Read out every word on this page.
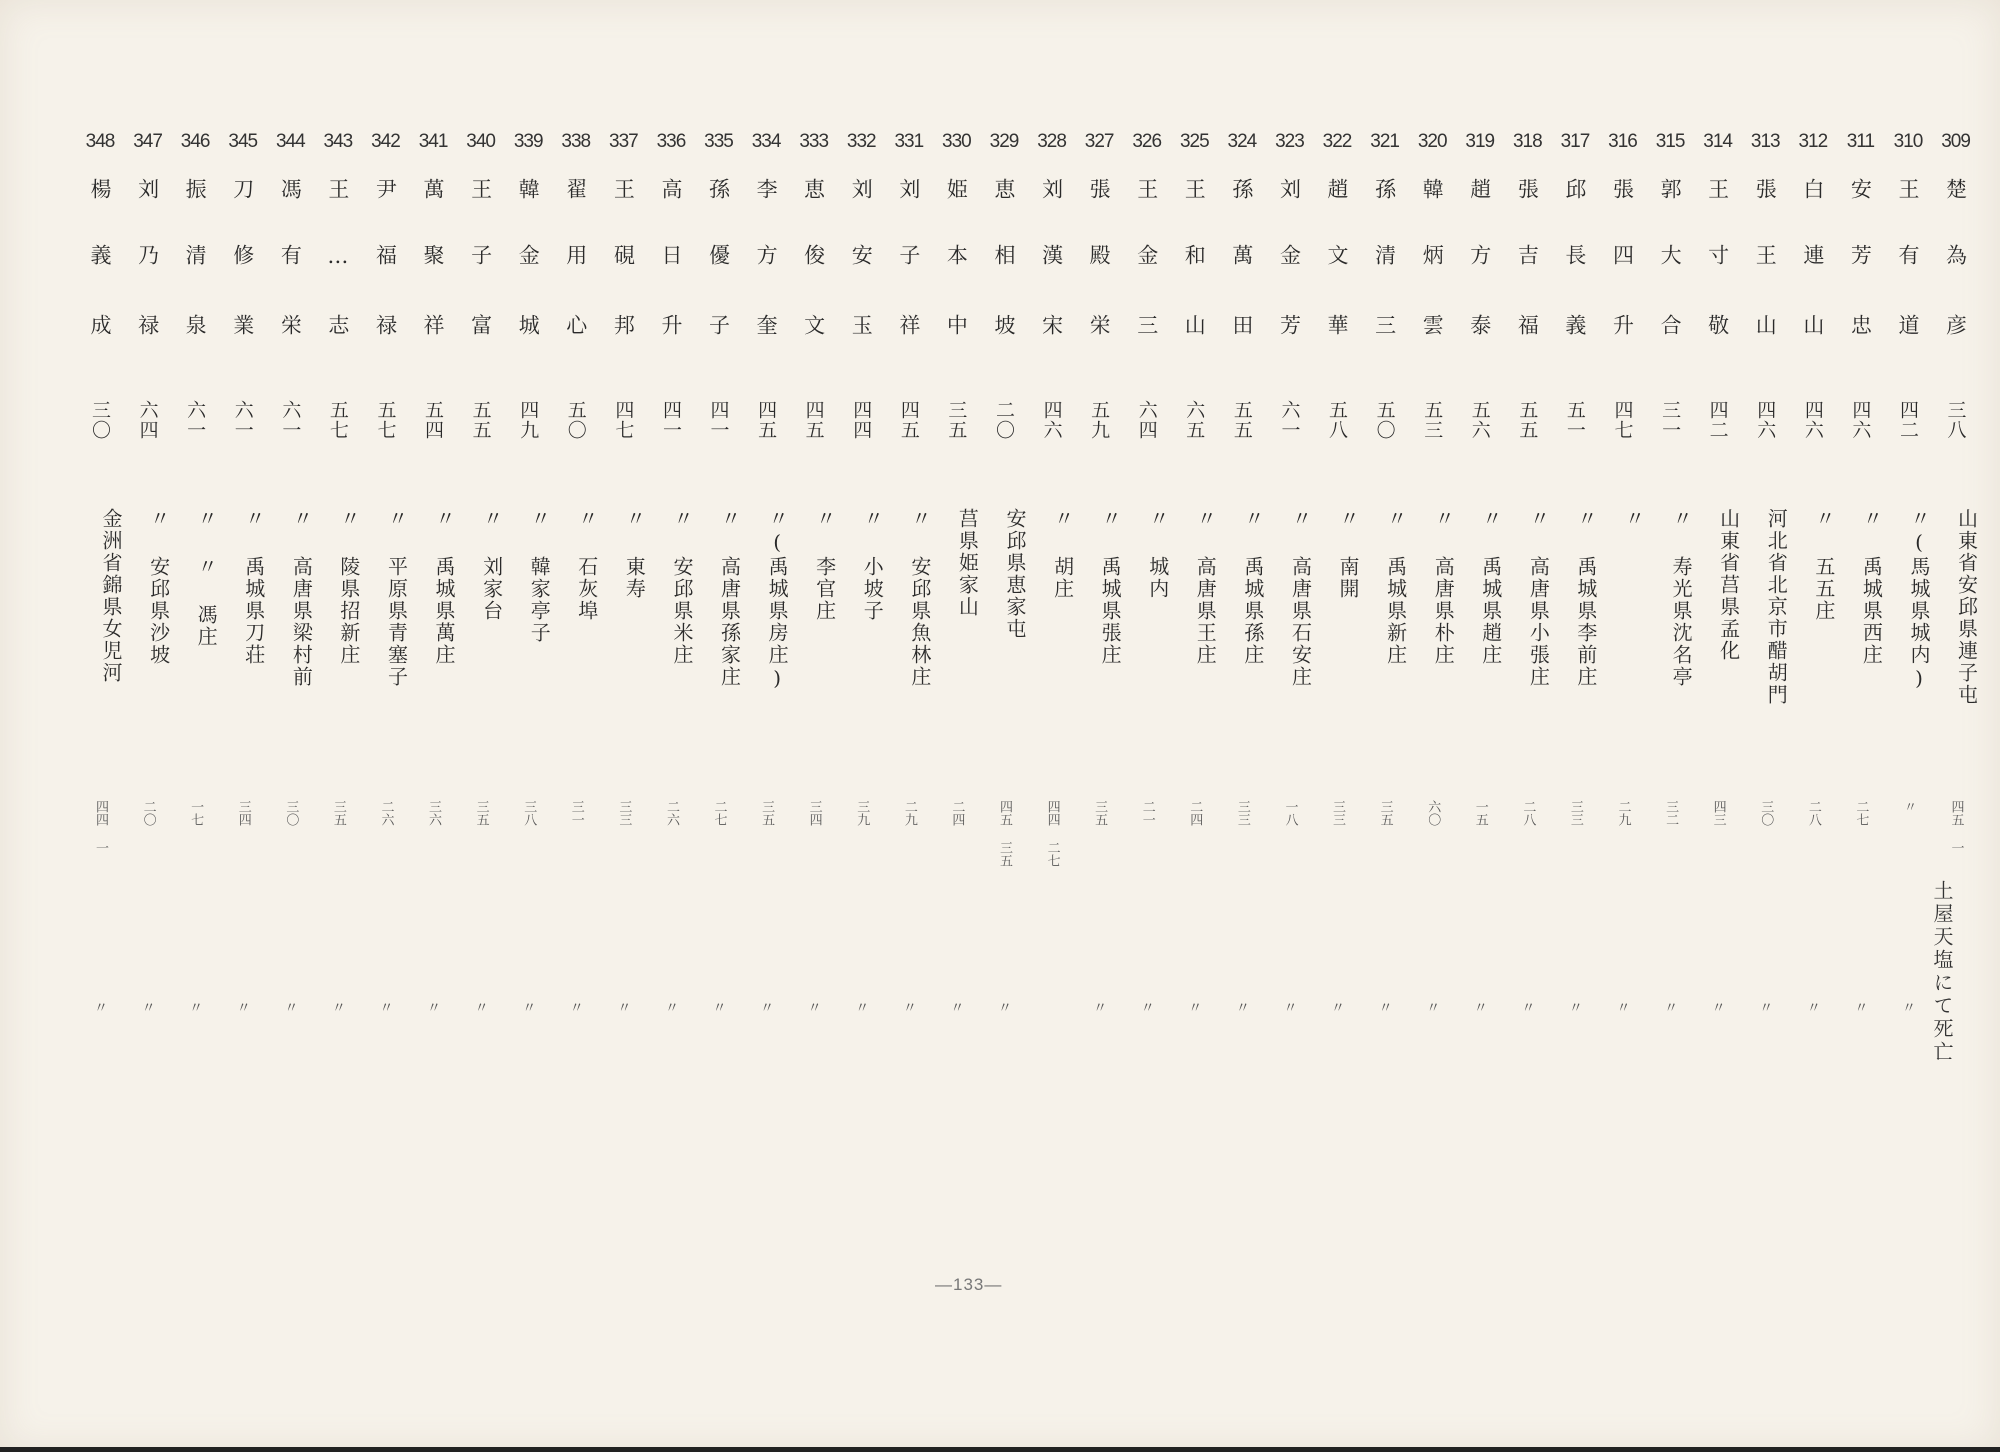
309
楚
為
彦
三八
山東省安邱県連子屯
四五 一
310
王
有
道
四二
〃(馬城県城内)
〃
〃
311
安
芳
忠
四六
〃 禹城県西庄
二七
〃
312
白
連
山
四六
〃 五五庄
二八
〃
313
張
王
山
四六
河北省北京市醋胡門
三〇
〃
314
王
寸
敬
四二
山東省莒県孟化
四三
〃
315
郭
大
合
三一
〃 寿光県沈名亭
三二
〃
316
張
四
升
四七
〃
二九
〃
317
邱
長
義
五一
〃 禹城県李前庄
三三
〃
318
張
吉
福
五五
〃 高唐県小張庄
二八
〃
319
趙
方
泰
五六
〃 禹城県趙庄
一五
〃
320
韓
炳
雲
五三
〃 高唐県朴庄
六〇
〃
321
孫
清
三
五〇
〃 禹城県新庄
三五
〃
322
趙
文
華
五八
〃 南開
三三
〃
323
刘
金
芳
六一
〃 高唐県石安庄
一八
〃
324
孫
萬
田
五五
〃 禹城県孫庄
三三
〃
325
王
和
山
六五
〃 高唐県王庄
二四
〃
326
王
金
三
六四
〃 城内
二一
〃
327
張
殿
栄
五九
〃 禹城県張庄
三五
〃
328
刘
漢
宋
四六
〃 胡庄
四四 二七
329
恵
相
坡
二〇
安邱県恵家屯
四五 三五
〃
330
姫
本
中
三五
莒県姫家山
二四
〃
331
刘
子
祥
四五
〃 安邱県魚林庄
二九
〃
332
刘
安
玉
四四
〃 小坡子
三九
〃
333
恵
俊
文
四五
〃 李官庄
三四
〃
334
李
方
奎
四五
〃(禹城県房庄)
三五
〃
335
孫
優
子
四一
〃 高唐県孫家庄
二七
〃
336
高
日
升
四一
〃 安邱県米庄
二六
〃
337
王
硯
邦
四七
〃 東寿
三三
〃
338
翟
用
心
五〇
〃 石灰埠
三一
〃
339
韓
金
城
四九
〃 韓家亭子
三八
〃
340
王
子
富
五五
〃 刘家台
三五
〃
341
萬
聚
祥
五四
〃 禹城県萬庄
三六
〃
342
尹
福
禄
五七
〃 平原県青塞子
二六
〃
343
王
…
志
五七
〃 陵県招新庄
三五
〃
344
馮
有
栄
六一
〃 高唐県梁村前
三〇
〃
345
刀
修
業
六一
〃 禹城県刀荘
三四
〃
346
振
清
泉
六一
〃 〃 馮庄
一七
〃
347
刘
乃
禄
六四
〃 安邱県沙坡
二〇
〃
348
楊
義
成
三〇
金洲省錦県女児河
四四 一
〃	土屋天塩にて死亡
—133—
